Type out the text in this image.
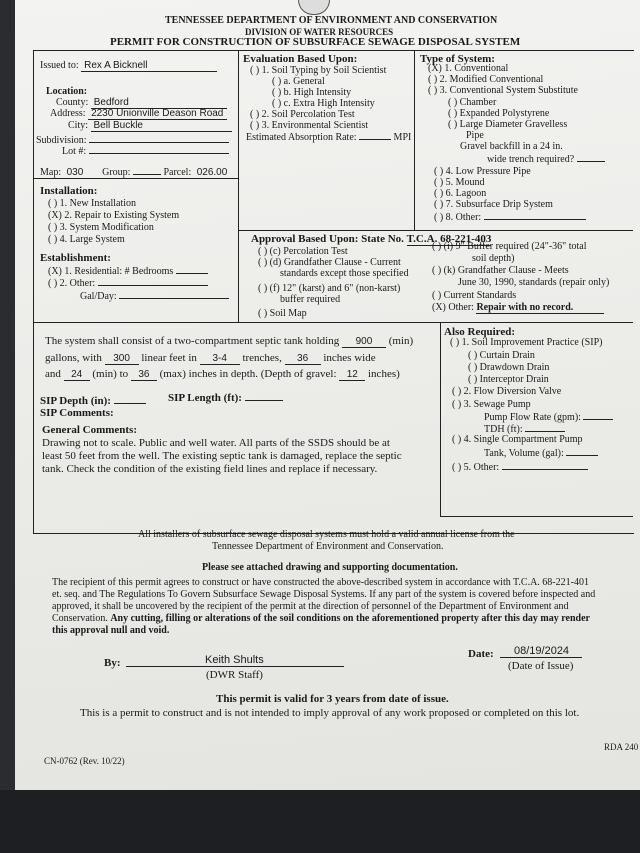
TENNESSEE DEPARTMENT OF ENVIRONMENT AND CONSERVATION
DIVISION OF WATER RESOURCES
PERMIT FOR CONSTRUCTION OF SUBSURFACE SEWAGE DISPOSAL SYSTEM
Issued to: Rex A Bicknell
Location:
County: Bedford
Address: 2230 Unionville Deason Road
City: Bell Buckle
Subdivision:
Lot #:
Map: 030 Group:	Parcel: 026.00
Installation:
( ) 1. New Installation
(X) 2. Repair to Existing System
( ) 3. System Modification
( ) 4. Large System
Establishment:
(X) 1. Residential: # Bedrooms
( ) 2. Other:
Gal/Day:
Evaluation Based Upon:
( ) 1. Soil Typing by Soil Scientist
( ) a. General
( ) b. High Intensity
( ) c. Extra High Intensity
( ) 2. Soil Percolation Test
( ) 3. Environmental Scientist
Estimated Absorption Rate:	MPI
Type of System:
(X) 1. Conventional
( ) 2. Modified Conventional
( ) 3. Conventional System Substitute
( ) Chamber
( ) Expanded Polystyrene
( ) Large Diameter Gravelless
Pipe
Gravel backfill in a 24 in.
wide trench required?
( ) 4. Low Pressure Pipe
( ) 5. Mound
( ) 6. Lagoon
( ) 7. Subsurface Drip System
( ) 8. Other:
Approval Based Upon: State No. T.C.A. 68-221-403
( ) (c) Percolation Test
( ) (d) Grandfather Clause - Current
standards except those specified
( ) (f) 12" (karst) and 6" (non-karst)
buffer required
( ) Soil Map
( ) (i) 9" Buffer required (24"-36" total
soil depth)
( ) (k) Grandfather Clause - Meets
June 30, 1990, standards (repair only)
( ) Current Standards
(X) Other: Repair with no record.
The system shall consist of a two-compartment septic tank holding 900 (min)
gallons, with 300 linear feet in 3-4 trenches, 36 inches wide
and 24 (min) to 36 (max) inches in depth. (Depth of gravel: 12 inches)
SIP Depth (in):	SIP Length (ft):
SIP Comments:
General Comments:
Drawing not to scale. Public and well water. All parts of the SSDS should be at
least 50 feet from the well. The existing septic tank is damaged, replace the septic
tank. Check the condition of the existing field lines and replace if necessary.
Also Required:
( ) 1. Soil Improvement Practice (SIP)
( ) Curtain Drain
( ) Drawdown Drain
( ) Interceptor Drain
( ) 2. Flow Diversion Valve
( ) 3. Sewage Pump
Pump Flow Rate (gpm):
TDH (ft):
( ) 4. Single Compartment Pump
Tank, Volume (gal):
( ) 5. Other:
All installers of subsurface sewage disposal systems must hold a valid annual license from the
Tennessee Department of Environment and Conservation.
Please see attached drawing and supporting documentation.
The recipient of this permit agrees to construct or have constructed the above-described system in accordance with T.C.A. 68-221-401
et. seq. and The Regulations To Govern Subsurface Sewage Disposal Systems. If any part of the system is covered before inspected and
approved, it shall be uncovered by the recipient of the permit at the direction of personnel of the Department of Environment and
Conservation. Any cutting, filling or alterations of the soil conditions on the aforementioned property after this day may render
this approval null and void.
By:	Keith Shults
(DWR Staff)
Date: 08/19/2024
(Date of Issue)
This permit is valid for 3 years from date of issue.
This is a permit to construct and is not intended to imply approval of any work proposed or completed on this lot.
CN-0762 (Rev. 10/22)
RDA 240
